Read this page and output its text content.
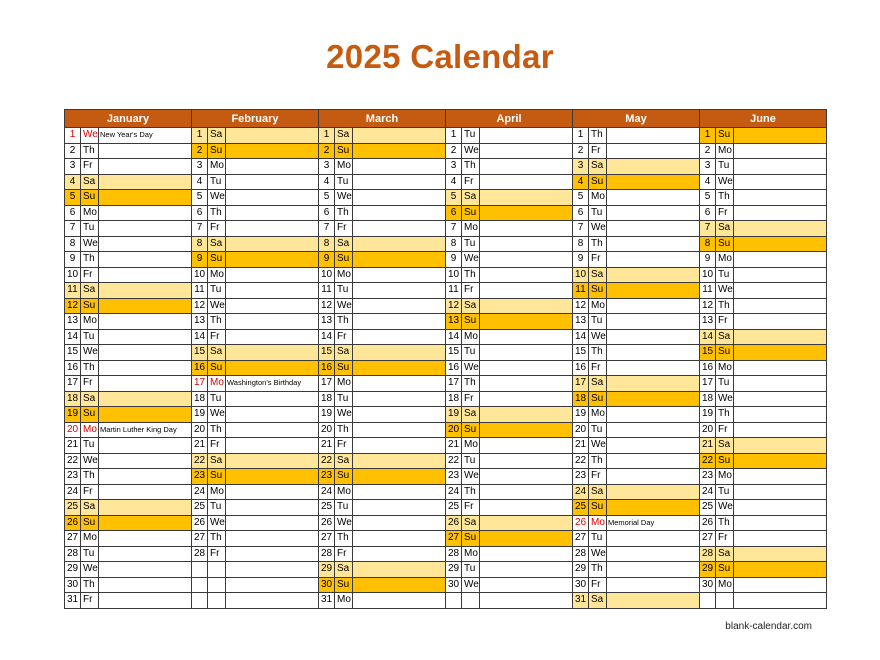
2025 Calendar
January			February			March			April			May			June		
1	We	New Year's Day	1	Sa		1	Sa		1	Tu		1	Th		1	Su	
2	Th		2	Su		2	Su		2	We		2	Fr		2	Mo	
3	Fr		3	Mo		3	Mo		3	Th		3	Sa		3	Tu	
4	Sa		4	Tu		4	Tu		4	Fr		4	Su		4	We	
5	Su		5	We		5	We		5	Sa		5	Mo		5	Th	
6	Mo		6	Th		6	Th		6	Su		6	Tu		6	Fr	
7	Tu		7	Fr		7	Fr		7	Mo		7	We		7	Sa	
8	We		8	Sa		8	Sa		8	Tu		8	Th		8	Su	
9	Th		9	Su		9	Su		9	We		9	Fr		9	Mo	
10	Fr		10	Mo		10	Mo		10	Th		10	Sa		10	Tu	
11	Sa		11	Tu		11	Tu		11	Fr		11	Su		11	We	
12	Su		12	We		12	We		12	Sa		12	Mo		12	Th	
13	Mo		13	Th		13	Th		13	Su		13	Tu		13	Fr	
14	Tu		14	Fr		14	Fr		14	Mo		14	We		14	Sa	
15	We		15	Sa		15	Sa		15	Tu		15	Th		15	Su	
16	Th		16	Su		16	Su		16	We		16	Fr		16	Mo	
17	Fr		17	Mo	Washington's Birthday	17	Mo		17	Th		17	Sa		17	Tu	
18	Sa		18	Tu		18	Tu		18	Fr		18	Su		18	We	
19	Su		19	We		19	We		19	Sa		19	Mo		19	Th	
20	Mo	Martin Luther King Day	20	Th		20	Th		20	Su		20	Tu		20	Fr	
21	Tu		21	Fr		21	Fr		21	Mo		21	We		21	Sa	
22	We		22	Sa		22	Sa		22	Tu		22	Th		22	Su	
23	Th		23	Su		23	Su		23	We		23	Fr		23	Mo	
24	Fr		24	Mo		24	Mo		24	Th		24	Sa		24	Tu	
25	Sa		25	Tu		25	Tu		25	Fr		25	Su		25	We	
26	Su		26	We		26	We		26	Sa		26	Mo	Memorial Day	26	Th	
27	Mo		27	Th		27	Th		27	Su		27	Tu		27	Fr	
28	Tu		28	Fr		28	Fr		28	Mo		28	We		28	Sa	
29	We					29	Sa		29	Tu		29	Th		29	Su	
30	Th					30	Su		30	We		30	Fr		30	Mo	
31	Fr					31	Mo					31	Sa				
blank-calendar.com
